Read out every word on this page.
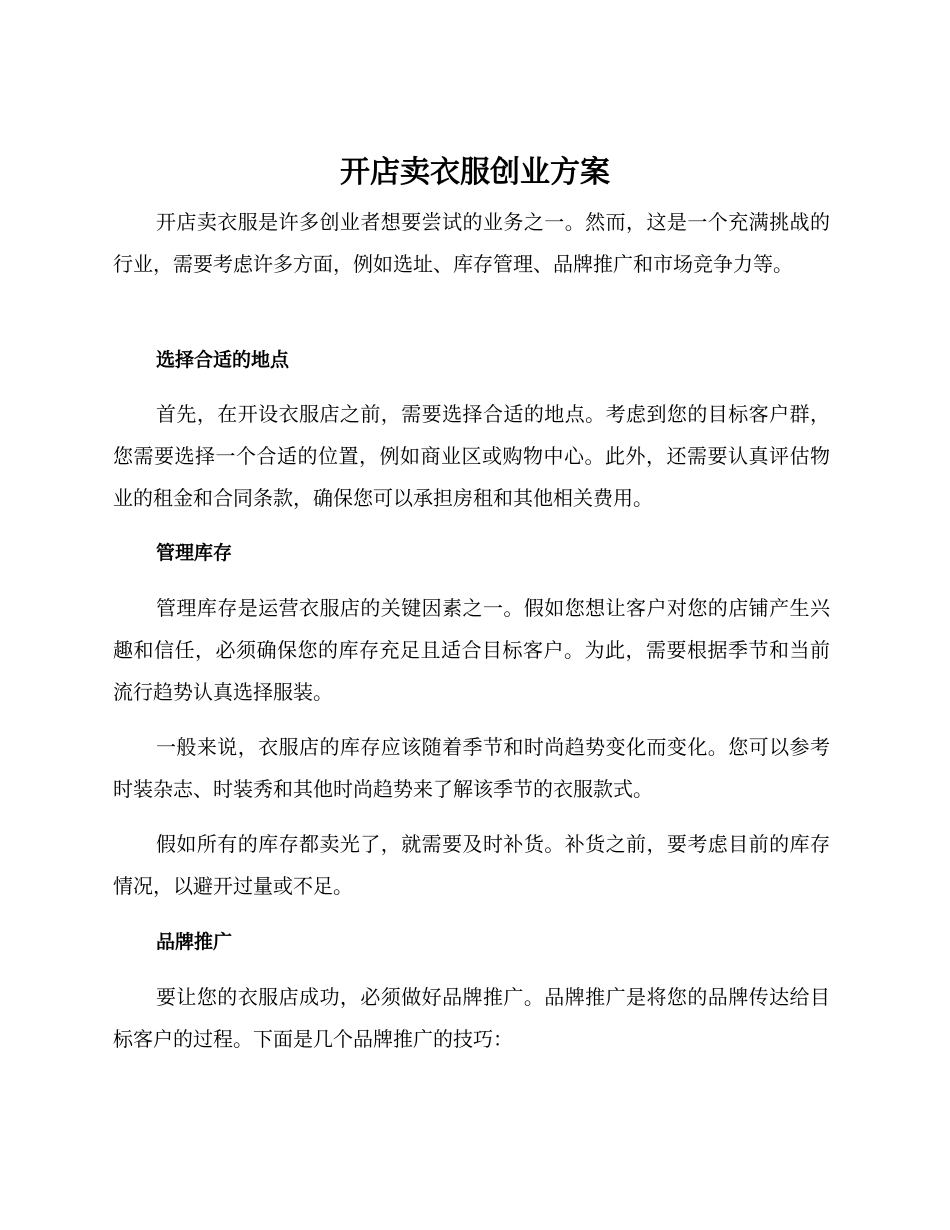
开店卖衣服创业方案

开店卖衣服是许多创业者想要尝试的业务之一。然而，这是一个充满挑战的行业，需要考虑许多方面，例如选址、库存管理、品牌推广和市场竞争力等。

选择合适的地点

首先，在开设衣服店之前，需要选择合适的地点。考虑到您的目标客户群，您需要选择一个合适的位置，例如商业区或购物中心。此外，还需要认真评估物业的租金和合同条款，确保您可以承担房租和其他相关费用。

管理库存

管理库存是运营衣服店的关键因素之一。假如您想让客户对您的店铺产生兴趣和信任，必须确保您的库存充足且适合目标客户。为此，需要根据季节和当前流行趋势认真选择服装。

一般来说，衣服店的库存应该随着季节和时尚趋势变化而变化。您可以参考时装杂志、时装秀和其他时尚趋势来了解该季节的衣服款式。

假如所有的库存都卖光了，就需要及时补货。补货之前，要考虑目前的库存情况，以避开过量或不足。

品牌推广

要让您的衣服店成功，必须做好品牌推广。品牌推广是将您的品牌传达给目标客户的过程。下面是几个品牌推广的技巧：
